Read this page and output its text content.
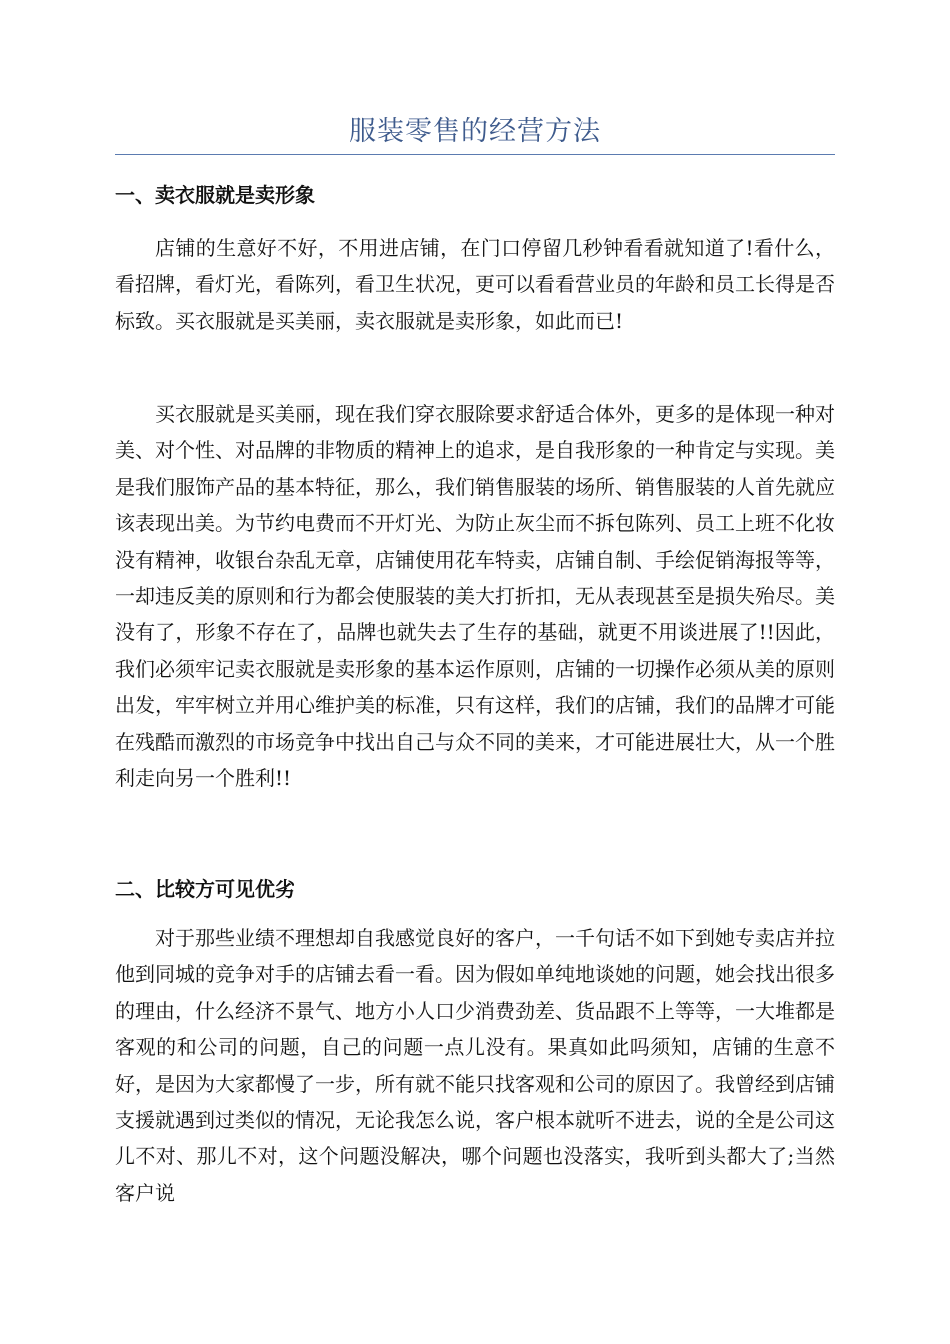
服装零售的经营方法
一、卖衣服就是卖形象

店铺的生意好不好，不用进店铺，在门口停留几秒钟看看就知道了!看什么，看招牌，看灯光，看陈列，看卫生状况，更可以看看营业员的年龄和员工长得是否标致。买衣服就是买美丽，卖衣服就是卖形象，如此而已!

买衣服就是买美丽，现在我们穿衣服除要求舒适合体外，更多的是体现一种对美、对个性、对品牌的非物质的精神上的追求，是自我形象的一种肯定与实现。美是我们服饰产品的基本特征，那么，我们销售服装的场所、销售服装的人首先就应该表现出美。为节约电费而不开灯光、为防止灰尘而不拆包陈列、员工上班不化妆没有精神，收银台杂乱无章，店铺使用花车特卖，店铺自制、手绘促销海报等等，一却违反美的原则和行为都会使服装的美大打折扣，无从表现甚至是损失殆尽。美没有了，形象不存在了，品牌也就失去了生存的基础，就更不用谈进展了!!因此，我们必须牢记卖衣服就是卖形象的基本运作原则，店铺的一切操作必须从美的原则出发，牢牢树立并用心维护美的标准，只有这样，我们的店铺，我们的品牌才可能在残酷而激烈的市场竞争中找出自己与众不同的美来，才可能进展壮大，从一个胜利走向另一个胜利!!

二、比较方可见优劣

对于那些业绩不理想却自我感觉良好的客户，一千句话不如下到她专卖店并拉他到同城的竞争对手的店铺去看一看。因为假如单纯地谈她的问题，她会找出很多的理由，什么经济不景气、地方小人口少消费劲差、货品跟不上等等，一大堆都是客观的和公司的问题，自己的问题一点儿没有。果真如此吗须知，店铺的生意不好，是因为大家都慢了一步，所有就不能只找客观和公司的原因了。我曾经到店铺支援就遇到过类似的情况，无论我怎么说，客户根本就听不进去，说的全是公司这儿不对、那儿不对，这个问题没解决，哪个问题也没落实，我听到头都大了;当然客户说
